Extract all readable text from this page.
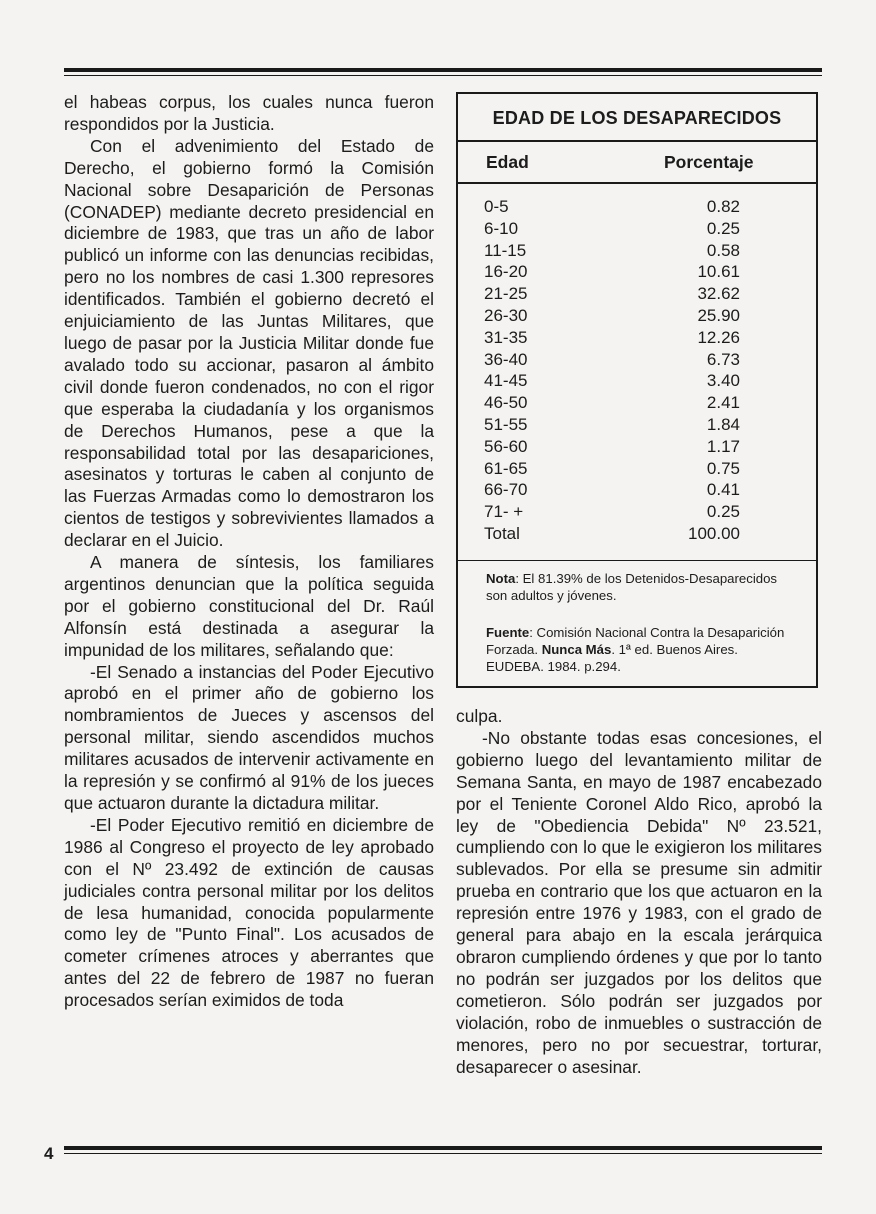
el habeas corpus, los cuales nunca fueron respondidos por la Justicia.

Con el advenimiento del Estado de Derecho, el gobierno formó la Comisión Nacional sobre Desaparición de Personas (CONADEP) mediante decreto presidencial en diciembre de 1983, que tras un año de labor publicó un informe con las denuncias recibidas, pero no los nombres de casi 1.300 represores identificados. También el gobierno decretó el enjuiciamiento de las Juntas Militares, que luego de pasar por la Justicia Militar donde fue avalado todo su accionar, pasaron al ámbito civil donde fueron condenados, no con el rigor que esperaba la ciudadanía y los organismos de Derechos Humanos, pese a que la responsabilidad total por las desapariciones, asesinatos y torturas le caben al conjunto de las Fuerzas Armadas como lo demostraron los cientos de testigos y sobrevivientes llamados a declarar en el Juicio.

A manera de síntesis, los familiares argentinos denuncian que la política seguida por el gobierno constitucional del Dr. Raúl Alfonsín está destinada a asegurar la impunidad de los militares, señalando que:

-El Senado a instancias del Poder Ejecutivo aprobó en el primer año de gobierno los nombramientos de Jueces y ascensos del personal militar, siendo ascendidos muchos militares acusados de intervenir activamente en la represión y se confirmó al 91% de los jueces que actuaron durante la dictadura militar.

-El Poder Ejecutivo remitió en diciembre de 1986 al Congreso el proyecto de ley aprobado con el Nº 23.492 de extinción de causas judiciales contra personal militar por los delitos de lesa humanidad, conocida popularmente como ley de "Punto Final". Los acusados de cometer crímenes atroces y aberrantes que antes del 22 de febrero de 1987 no fueran procesados serían eximidos de toda

EDAD DE LOS DESAPARECIDOS
Edad	Porcentaje
0-5	0.82
6-10	0.25
11-15	0.58
16-20	10.61
21-25	32.62
26-30	25.90
31-35	12.26
36-40	6.73
41-45	3.40
46-50	2.41
51-55	1.84
56-60	1.17
61-65	0.75
66-70	0.41
71- +	0.25
Total	100.00
Nota: El 81.39% de los Detenidos-Desaparecidos son adultos y jóvenes.
Fuente: Comisión Nacional Contra la Desaparición Forzada. Nunca Más. 1ª ed. Buenos Aires. EUDEBA. 1984. p.294.

culpa.

-No obstante todas esas concesiones, el gobierno luego del levantamiento militar de Semana Santa, en mayo de 1987 encabezado por el Teniente Coronel Aldo Rico, aprobó la ley de "Obediencia Debida" Nº 23.521, cumpliendo con lo que le exigieron los militares sublevados. Por ella se presume sin admitir prueba en contrario que los que actuaron en la represión entre 1976 y 1983, con el grado de general para abajo en la escala jerárquica obraron cumpliendo órdenes y que por lo tanto no podrán ser juzgados por los delitos que cometieron. Sólo podrán ser juzgados por violación, robo de inmuebles o sustracción de menores, pero no por secuestrar, torturar, desaparecer o asesinar.

4
